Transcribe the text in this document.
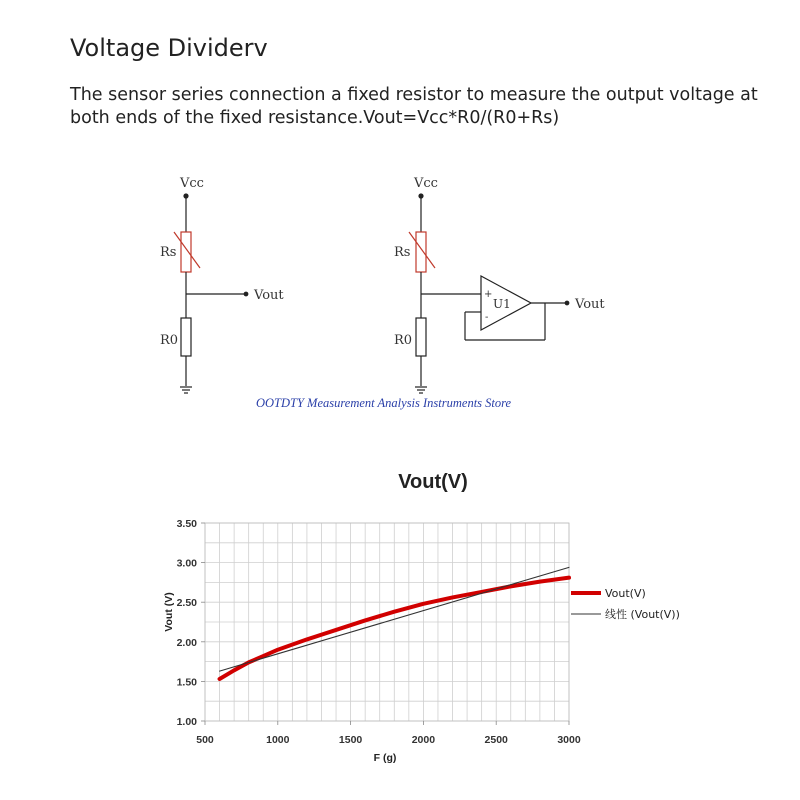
Voltage Dividerv
The sensor series connection a fixed resistor to measure the output voltage at both ends of the fixed resistance.Vout=Vcc*R0/(R0+Rs)
Vcc
Rs
R0
Vout
Vcc
Rs
R0
Vout
U1
+
-
OOTDTY Measurement Analysis Instruments Store
Vout(V)
500	1000	1500	2000	2500	3000
1.00
1.50
2.00
2.50
3.00
3.50
F (g)
Vout (V)	Vout(V)
线性 (Vout(V))
